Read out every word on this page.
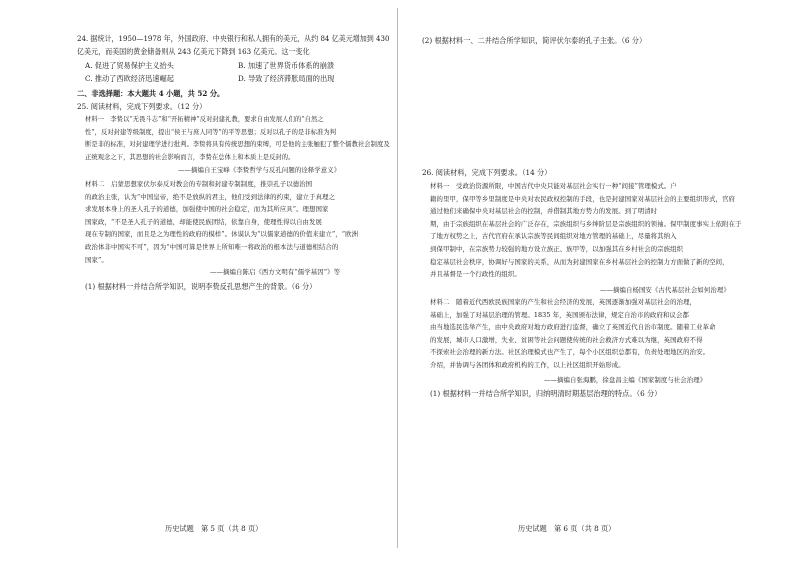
24. 据统计，1950—1978 年，外国政府、中央银行和私人拥有的美元，从约 84 亿美元增加到 430
亿美元，而美国的黄金储备则从 243 亿美元下降到 163 亿美元。这一变化
A. 促进了贸易保护主义抬头	B. 加速了世界货币体系的崩溃
C. 推动了西欧经济迅速崛起	D. 导致了经济滞胀局面的出现
二、非选择题：本大题共 4 小题，共 52 分。
25. 阅读材料，完成下列要求。（12 分）
材料一　李贽以“无畏斗志”和“开拓精神”反对封建礼教，要求自由发展人们的“自然之
性”，反对封建等级制度，提出“侯王与庶人同等”的平等思想；反对以孔子的是非标准为判
断是非的标准，对封建理学进行批判。李贽将具有传统思想的束缚，可是他的主张触犯了整个儒教社会制度及
正统观念之下，其思想的社会影响而言，李贽在总体上和本质上是反封的。
——摘编自王宝峰《李贽哲学与反孔问题的诠释学意义》
材料二　启蒙思想家伏尔泰反对教会的专制和封建专制制度，推崇孔子以德治国
的政治主张，认为“中国皇帝，绝不是放纵的君主，他们受到法律的约束，建立于真理之
求发展本身上的圣人孔子的道德，加强使中国的社会稳定，而为其所应具”。理想国家
国家政，“不是圣人孔子的道德，却能使民族团结，依靠自身，使理性得以自由发展
现在专制的国家，而且是之为理性的政府的模样”。休谟认为“以儒家道德的价值来建立”，“欧洲
政治体非中国实不可”，因为“中国可算是世界上所知唯一将政治的根本法与道德相结合的
国家”。
——摘编自陈启《西方文明有“儒学基因”》等
(1) 根据材料一并结合所学知识，说明李贽反孔思想产生的背景。（6 分）
历史试题　第 5 页（共 8 页）
(2) 根据材料一、二并结合所学知识，简评伏尔泰的孔子主张。（6 分）
26. 阅读材料，完成下列要求。（14 分）
材料一　受政治资源所限，中国古代中央只能对基层社会实行一种“间接”管理模式。户
籍的里甲，保甲等乡里制度是中央对农民政权控制的手段，也是封建国家对基层社会的主要组织形式，官府
通过他们来确保中央对基层社会的控制，并借制其地方势力的发展。到了明清时
期，由于宗族组织在基层社会的广泛存在，宗族组织与乡绅阶层是宗族组织的领袖。保甲制度事实上依附在于
了地方权势之上，古代官府在承认宗族等民间组织对地方管理的基础上，尽量将其纳入
到保甲制中，在宗族势力较强的地方设立族正、族甲等，以加强其在乡村社会的宗族组织
稳定基层社会秩序，协调好与国家的关系，从而为封建国家在乡村基层社会的控制力方面做了新的空间，
并且基督是一个行政性的组织。
——摘编自杨国安《古代基层社会如何治理》
材料二　随着近代西欧民族国家的产生和社会经济的发展，英国逐渐加强对基层社会的治理，
基础上，加强了对基层治理的管理。1835 年，英国颁布法律，规定自治市的政府和议会都
由当地选民选举产生，由中央政府对地方政府进行监督，确立了英国近代自治市制度。随着工业革命
的发展，城市人口激增，失业、贫困等社会问题使传统的社会救济方式难以为继，英国政府不得
不探索社会治理的新方法。社区治理模式也产生了，每个小区组织总都有，负责处理地区的治安。
介绍，并协调与各团体和政府机构的工作，以上社区组织开始形成。
——摘编自张海鹏，徐盘昌主编《国家制度与社会治理》
(1) 根据材料一并结合所学知识，归纳明清时期基层治理的特点。（6 分）
历史试题　第 6 页（共 8 页）
